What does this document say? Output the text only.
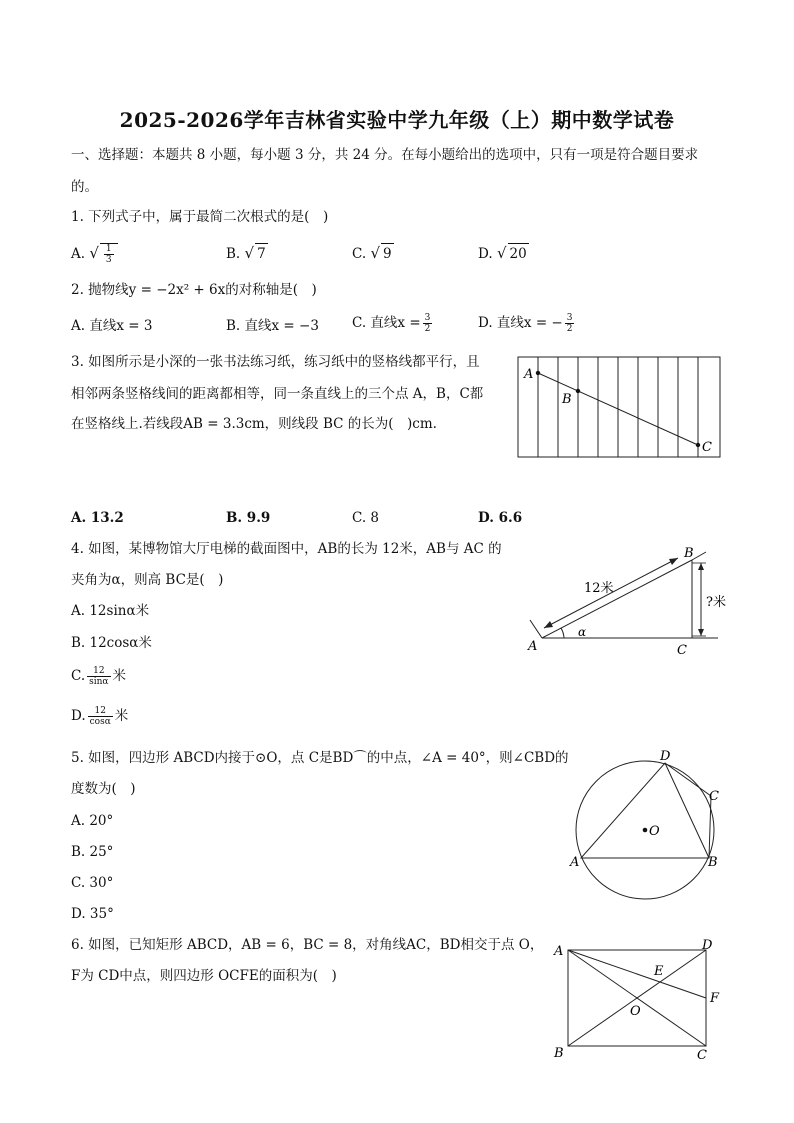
2025-2026学年吉林省实验中学九年级（上）期中数学试卷
一、选择题：本题共 8 小题，每小题 3 分，共 24 分。在每小题给出的选项中，只有一项是符合题目要求
的。
1. 下列式子中，属于最简二次根式的是(　)
A. √ $\frac{1}{3}$	B. √ 7	C. √ 9	D. √ 20
2. 抛物线y = −2x² + 6x的对称轴是(　)
A. 直线x = 3	B. 直线x = −3 C. 直线$x = \frac{3}{2}$	D. 直线x = − $\frac{3}{2}$
3. 如图所示是小深的一张书法练习纸，练习纸中的竖格线都平行，且
相邻两条竖格线间的距离都相等，同一条直线上的三个点 A，B，C都
在竖格线上.若线段AB = 3.3cm，则线段 BC 的长为(　)cm.
A
B
C
A. 13.2	B. 9.9	C. 8	D. 6.6
4. 如图，某博物馆大厅电梯的截面图中，AB的长为 12米，AB与 AC 的
夹角为α，则高 BC是(　)
A. 12sinα米
B. 12cosα米
C. $\frac{12}{\sin\alpha}$ 米
D. $\frac{12}{\cos\alpha}$ 米
A
B
C
12米
?米
α
5. 如图，四边形 ABCD内接于⊙O，点 C是BD⌒的中点，∠A = 40°，则∠CBD的
度数为(　)
A. 20°
B. 25°
C. 30°
D. 35°
A	B
C
D
O
6. 如图，已知矩形 ABCD，AB = 6，BC = 8，对角线AC，BD相交于点 O，
F为 CD中点，则四边形 OCFE的面积为(　)
A
B	C
D
E
F
O
